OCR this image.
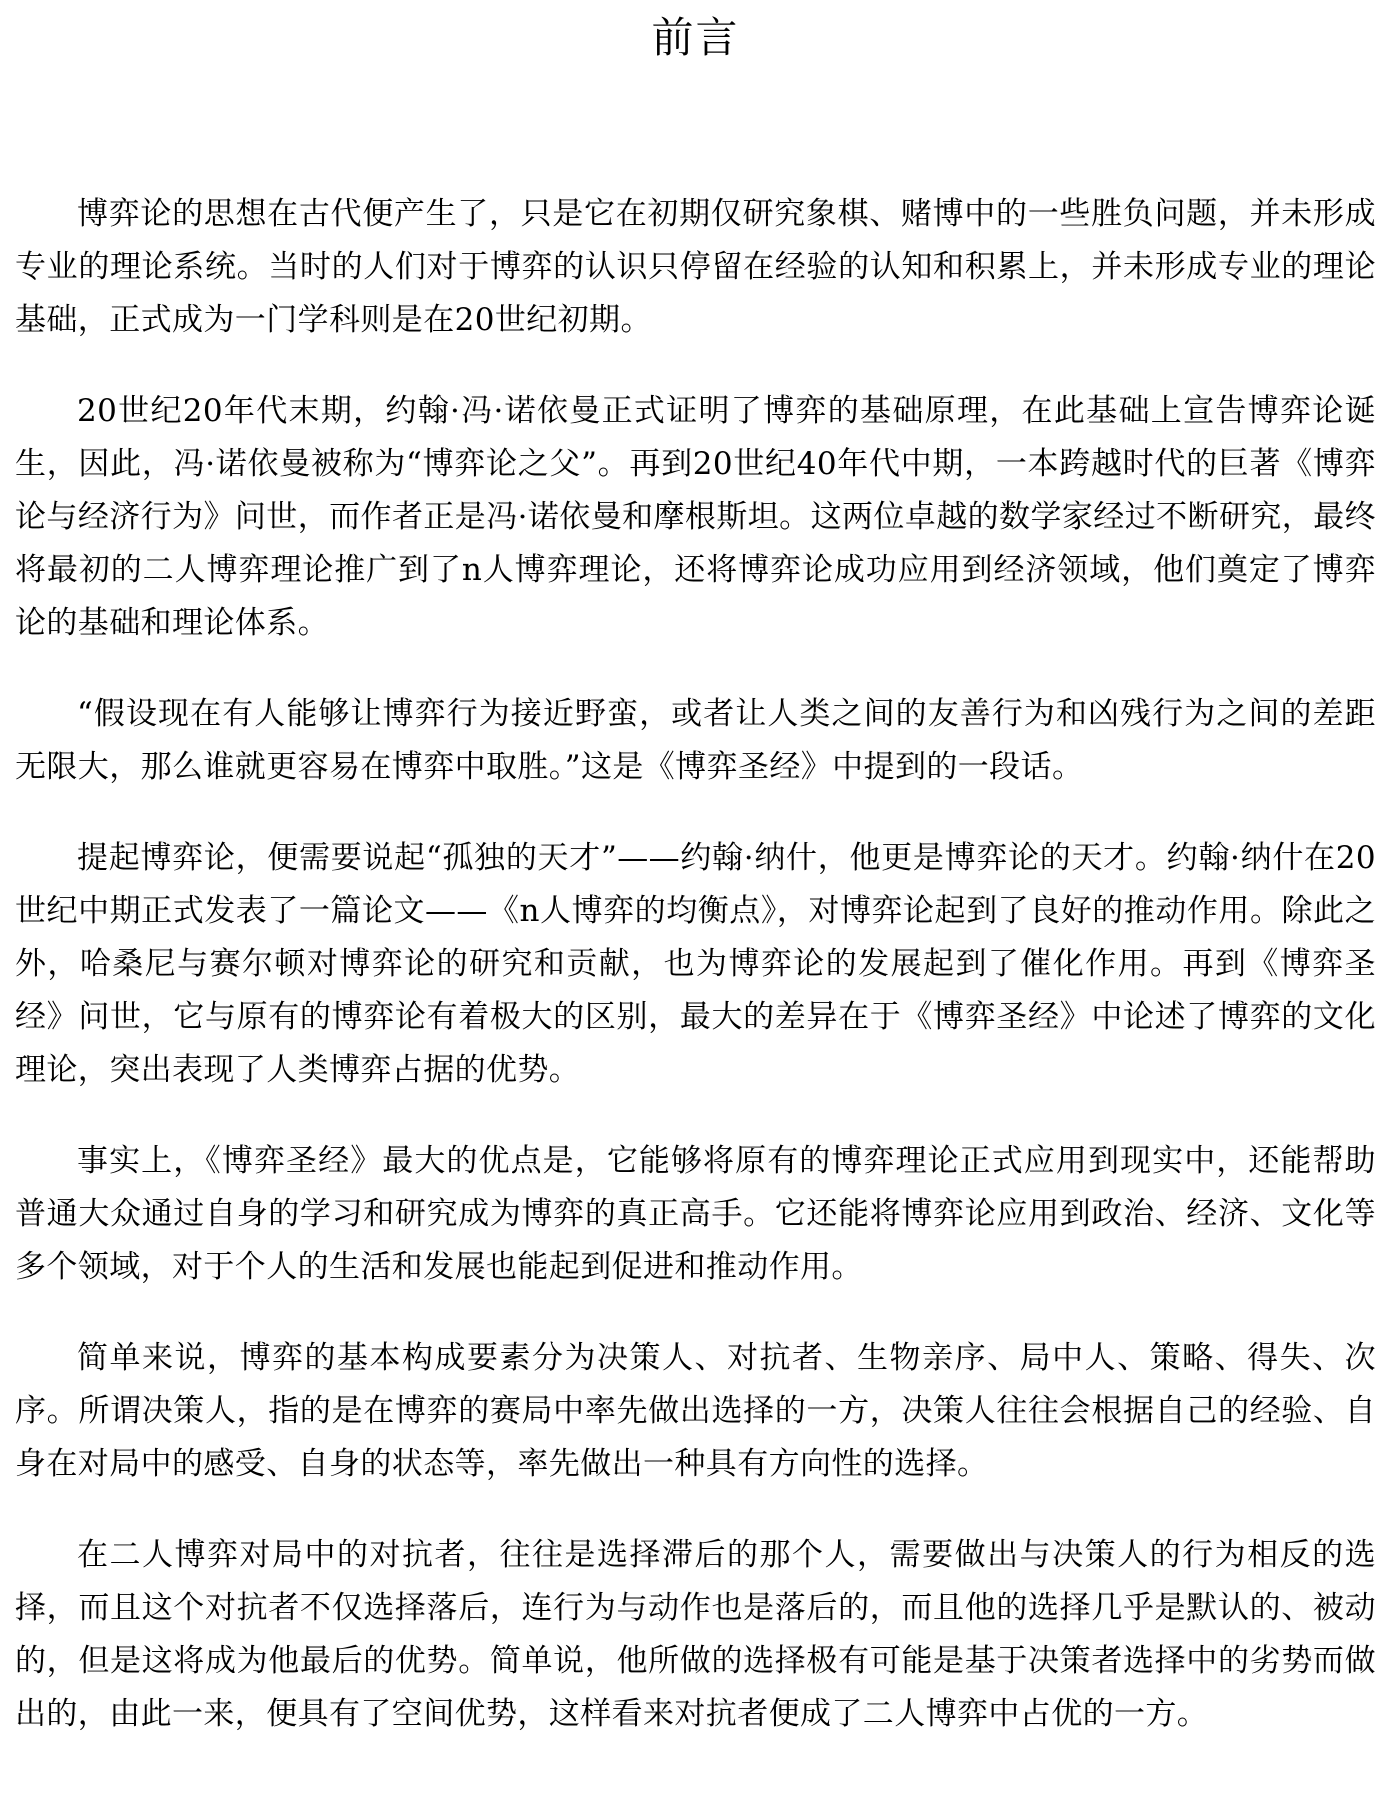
前言

博弈论的思想在古代便产生了，只是它在初期仅研究象棋、赌博中的一些胜负问题，并未形成专业的理论系统。当时的人们对于博弈的认识只停留在经验的认知和积累上，并未形成专业的理论基础，正式成为一门学科则是在20世纪初期。

20世纪20年代末期，约翰·冯·诺依曼正式证明了博弈的基础原理，在此基础上宣告博弈论诞生，因此，冯·诺依曼被称为“博弈论之父”。再到20世纪40年代中期，一本跨越时代的巨著《博弈论与经济行为》问世，而作者正是冯·诺依曼和摩根斯坦。这两位卓越的数学家经过不断研究，最终将最初的二人博弈理论推广到了n人博弈理论，还将博弈论成功应用到经济领域，他们奠定了博弈论的基础和理论体系。

“假设现在有人能够让博弈行为接近野蛮，或者让人类之间的友善行为和凶残行为之间的差距无限大，那么谁就更容易在博弈中取胜。”这是《博弈圣经》中提到的一段话。

提起博弈论，便需要说起“孤独的天才”——约翰·纳什，他更是博弈论的天才。约翰·纳什在20世纪中期正式发表了一篇论文——《n人博弈的均衡点》，对博弈论起到了良好的推动作用。除此之外，哈桑尼与赛尔顿对博弈论的研究和贡献，也为博弈论的发展起到了催化作用。再到《博弈圣经》问世，它与原有的博弈论有着极大的区别，最大的差异在于《博弈圣经》中论述了博弈的文化理论，突出表现了人类博弈占据的优势。

事实上，《博弈圣经》最大的优点是，它能够将原有的博弈理论正式应用到现实中，还能帮助普通大众通过自身的学习和研究成为博弈的真正高手。它还能将博弈论应用到政治、经济、文化等多个领域，对于个人的生活和发展也能起到促进和推动作用。

简单来说，博弈的基本构成要素分为决策人、对抗者、生物亲序、局中人、策略、得失、次序。所谓决策人，指的是在博弈的赛局中率先做出选择的一方，决策人往往会根据自己的经验、自身在对局中的感受、自身的状态等，率先做出一种具有方向性的选择。

在二人博弈对局中的对抗者，往往是选择滞后的那个人，需要做出与决策人的行为相反的选择，而且这个对抗者不仅选择落后，连行为与动作也是落后的，而且他的选择几乎是默认的、被动的，但是这将成为他最后的优势。简单说，他所做的选择极有可能是基于决策者选择中的劣势而做出的，由此一来，便具有了空间优势，这样看来对抗者便成了二人博弈中占优的一方。
